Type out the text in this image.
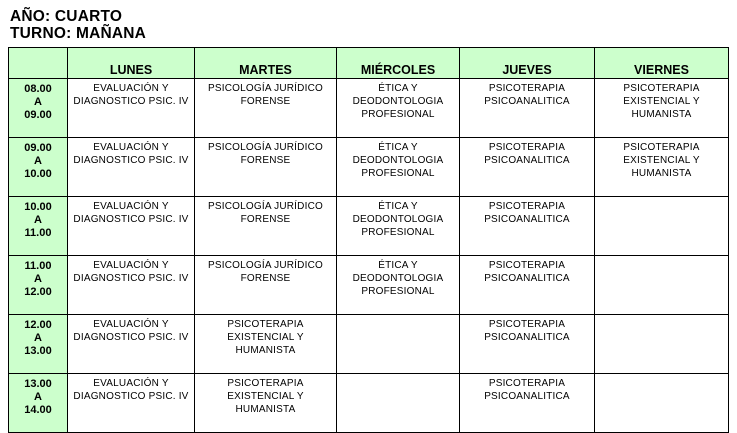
AÑO: CUARTO
TURNO: MAÑANA
	LUNES	MARTES	MIÉRCOLES	JUEVES	VIERNES

08.00
A
09.00	EVALUACIÓN Y DIAGNOSTICO PSIC. IV	PSICOLOGÍA JURÍDICO FORENSE	ÉTICA Y DEODONTOLOGIA PROFESIONAL	PSICOTERAPIA PSICOANALITICA	PSICOTERAPIA EXISTENCIAL Y HUMANISTA

09.00
A
10.00	EVALUACIÓN Y DIAGNOSTICO PSIC. IV	PSICOLOGÍA JURÍDICO FORENSE	ÉTICA Y DEODONTOLOGIA PROFESIONAL	PSICOTERAPIA PSICOANALITICA	PSICOTERAPIA EXISTENCIAL Y HUMANISTA

10.00
A
11.00	EVALUACIÓN Y DIAGNOSTICO PSIC. IV	PSICOLOGÍA JURÍDICO FORENSE	ÉTICA Y DEODONTOLOGIA PROFESIONAL	PSICOTERAPIA PSICOANALITICA	

11.00
A
12.00	EVALUACIÓN Y DIAGNOSTICO PSIC. IV	PSICOLOGÍA JURÍDICO FORENSE	ÉTICA Y DEODONTOLOGIA PROFESIONAL	PSICOTERAPIA PSICOANALITICA	

12.00
A
13.00	EVALUACIÓN Y DIAGNOSTICO PSIC. IV	PSICOTERAPIA EXISTENCIAL Y HUMANISTA		PSICOTERAPIA PSICOANALITICA	

13.00
A
14.00	EVALUACIÓN Y DIAGNOSTICO PSIC. IV	PSICOTERAPIA EXISTENCIAL Y HUMANISTA		PSICOTERAPIA PSICOANALITICA	
